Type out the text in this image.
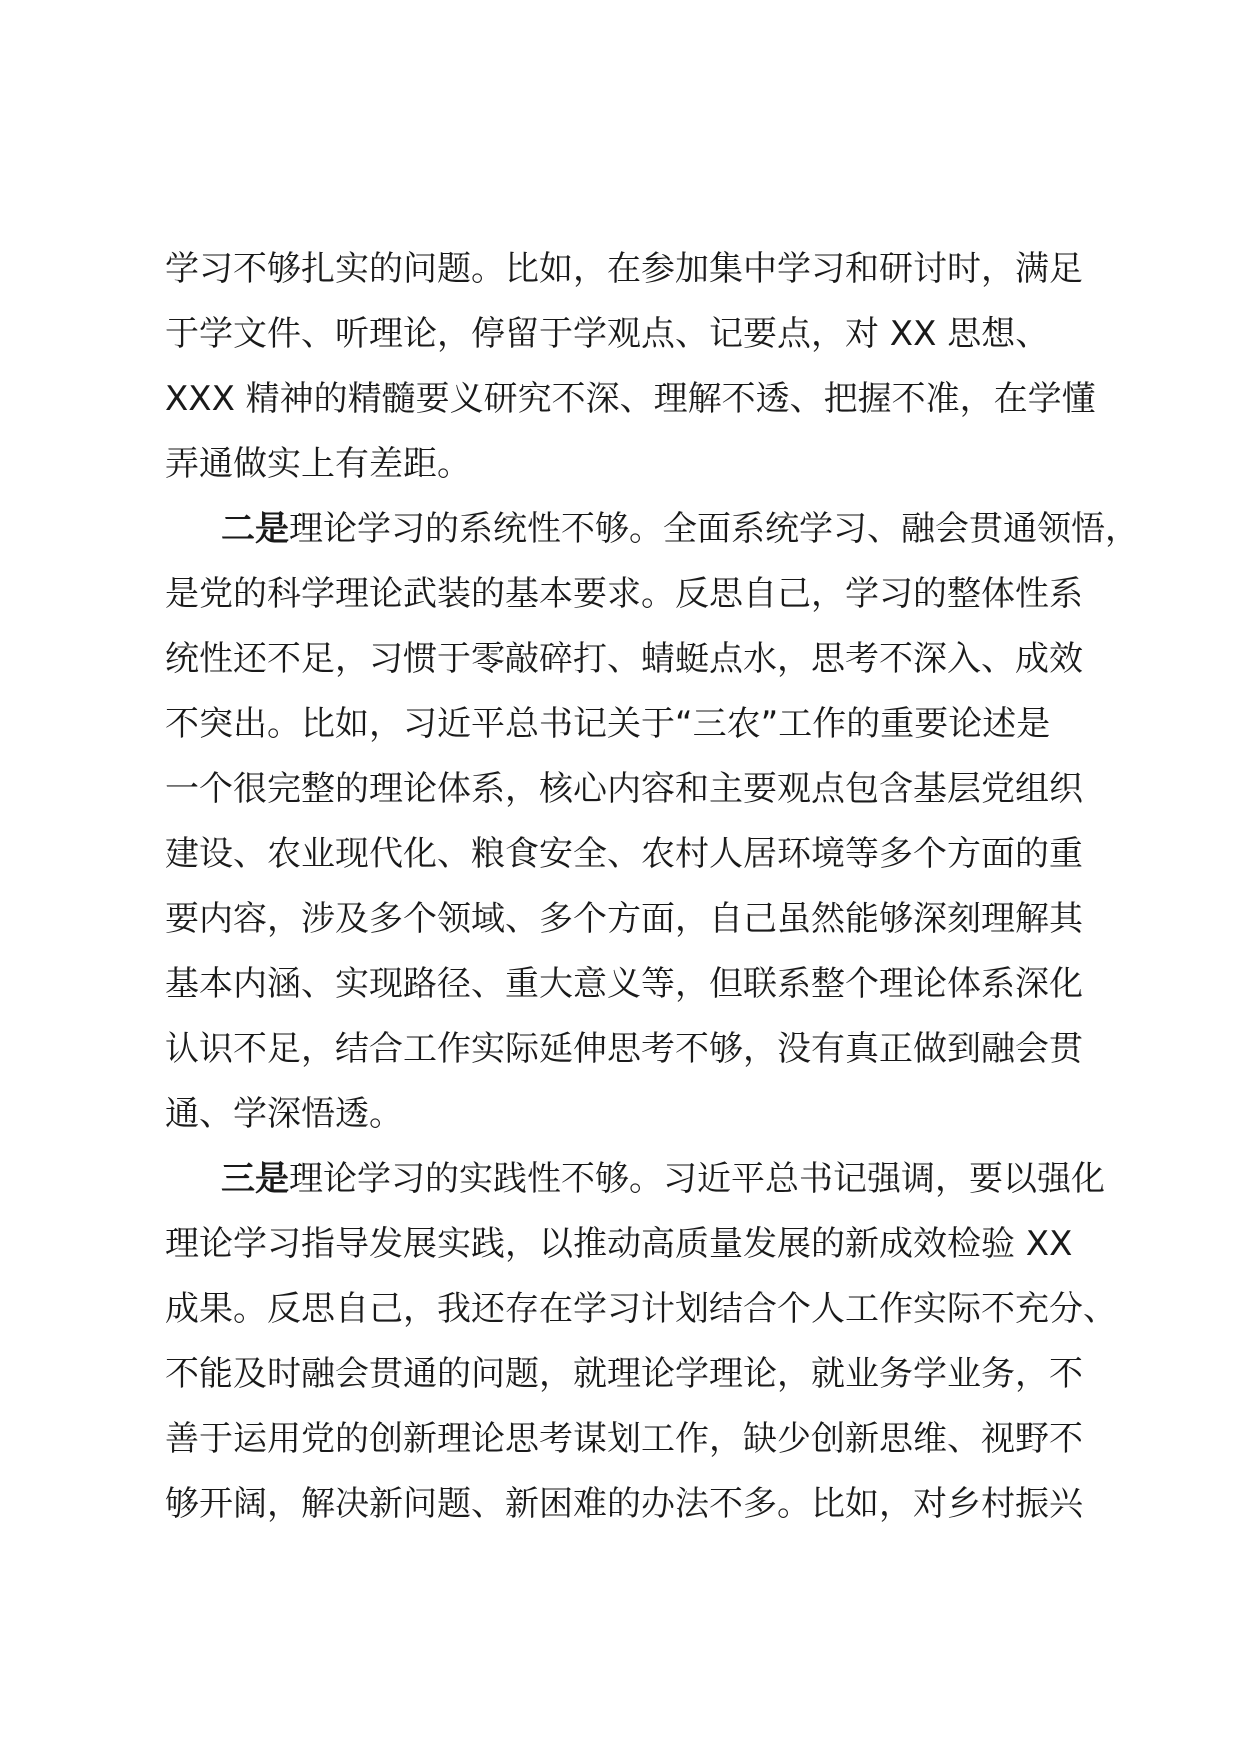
学习不够扎实的问题。比如，在参加集中学习和研讨时，满足
于学文件、听理论，停留于学观点、记要点，对 XX 思想、
XXX 精神的精髓要义研究不深、理解不透、把握不准，在学懂
弄通做实上有差距。
二是理论学习的系统性不够。全面系统学习、融会贯通领悟，
是党的科学理论武装的基本要求。反思自己，学习的整体性系
统性还不足，习惯于零敲碎打、蜻蜓点水，思考不深入、成效
不突出。比如，习近平总书记关于“三农”工作的重要论述是
一个很完整的理论体系，核心内容和主要观点包含基层党组织
建设、农业现代化、粮食安全、农村人居环境等多个方面的重
要内容，涉及多个领域、多个方面，自己虽然能够深刻理解其
基本内涵、实现路径、重大意义等，但联系整个理论体系深化
认识不足，结合工作实际延伸思考不够，没有真正做到融会贯
通、学深悟透。
三是理论学习的实践性不够。习近平总书记强调，要以强化
理论学习指导发展实践，以推动高质量发展的新成效检验 XX
成果。反思自己，我还存在学习计划结合个人工作实际不充分、
不能及时融会贯通的问题，就理论学理论，就业务学业务，不
善于运用党的创新理论思考谋划工作，缺少创新思维、视野不
够开阔，解决新问题、新困难的办法不多。比如，对乡村振兴
